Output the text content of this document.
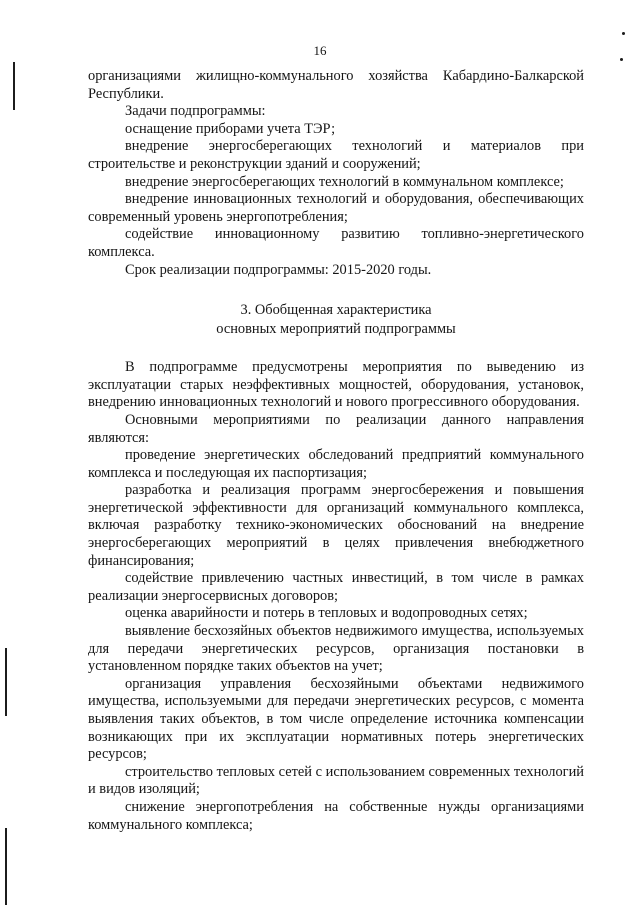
16

организациями жилищно-коммунального хозяйства Кабардино-Балкарской Республики.

Задачи подпрограммы:

оснащение приборами учета ТЭР;

внедрение энергосберегающих технологий и материалов при строительстве и реконструкции зданий и сооружений;

внедрение энергосберегающих технологий в коммунальном комплексе;

внедрение инновационных технологий и оборудования, обеспечивающих современный уровень энергопотребления;

содействие инновационному развитию топливно-энергетического комплекса.

Срок реализации подпрограммы: 2015-2020 годы.

3. Обобщенная характеристика
основных мероприятий подпрограммы

В подпрограмме предусмотрены мероприятия по выведению из эксплуатации старых неэффективных мощностей, оборудования, установок, внедрению инновационных технологий и нового прогрессивного оборудования.

Основными мероприятиями по реализации данного направления являются:

проведение энергетических обследований предприятий коммунального комплекса и последующая их паспортизация;

разработка и реализация программ энергосбережения и повышения энергетической эффективности для организаций коммунального комплекса, включая разработку технико-экономических обоснований на внедрение энергосберегающих мероприятий в целях привлечения внебюджетного финансирования;

содействие привлечению частных инвестиций, в том числе в рамках реализации энергосервисных договоров;

оценка аварийности и потерь в тепловых и водопроводных сетях;

выявление бесхозяйных объектов недвижимого имущества, используемых для передачи энергетических ресурсов, организация постановки в установленном порядке таких объектов на учет;

организация управления бесхозяйными объектами недвижимого имущества, используемыми для передачи энергетических ресурсов, с момента выявления таких объектов, в том числе определение источника компенсации возникающих при их эксплуатации нормативных потерь энергетических ресурсов;

строительство тепловых сетей с использованием современных технологий и видов изоляций;

снижение энергопотребления на собственные нужды организациями коммунального комплекса;
